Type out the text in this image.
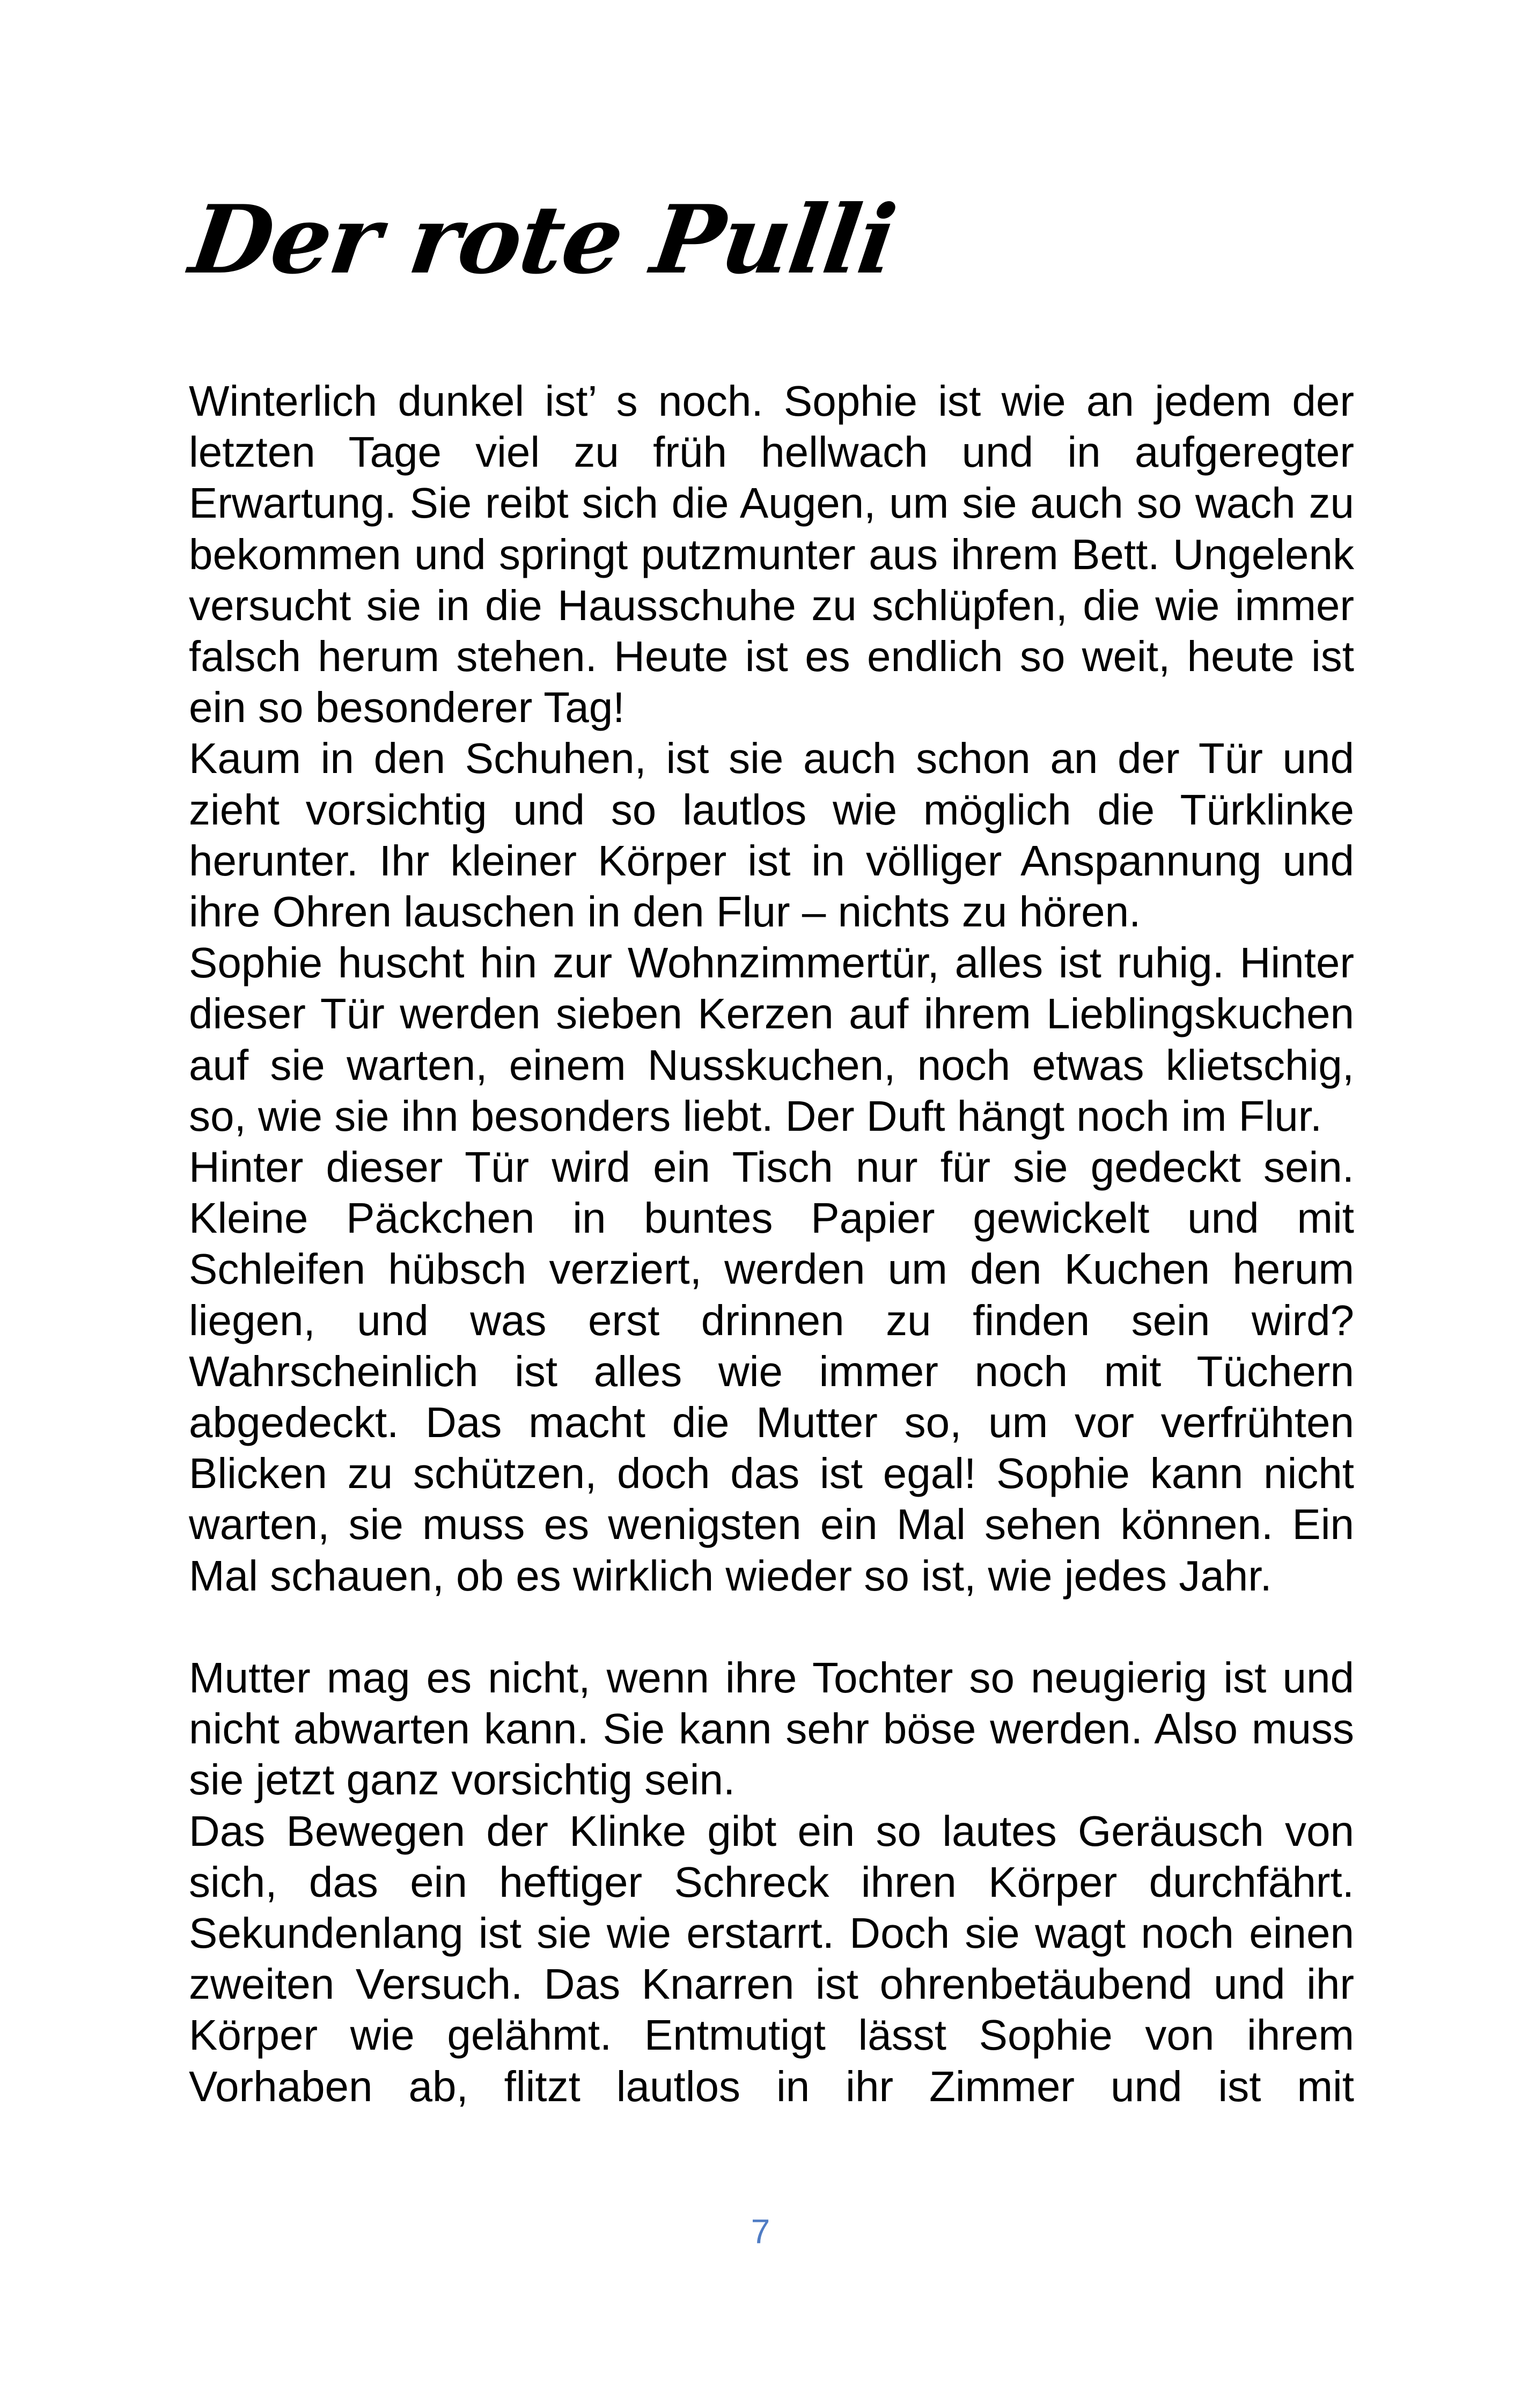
Der rote Pulli

Winterlich dunkel ist’ s noch. Sophie ist wie an jedem der letzten Tage viel zu früh hellwach und in aufgeregter Erwartung. Sie reibt sich die Augen, um sie auch so wach zu bekommen und springt putzmunter aus ihrem Bett. Ungelenk versucht sie in die Hausschuhe zu schlüpfen, die wie immer falsch herum stehen. Heute ist es endlich so weit, heute ist ein so besonderer Tag!

Kaum in den Schuhen, ist sie auch schon an der Tür und zieht vorsichtig und so lautlos wie möglich die Türklinke herunter. Ihr kleiner Körper ist in völliger Anspannung und ihre Ohren lauschen in den Flur – nichts zu hören.

Sophie huscht hin zur Wohnzimmertür, alles ist ruhig. Hinter dieser Tür werden sieben Kerzen auf ihrem Lieblingskuchen auf sie warten, einem Nusskuchen, noch etwas klietschig, so, wie sie ihn besonders liebt. Der Duft hängt noch im Flur.

Hinter dieser Tür wird ein Tisch nur für sie gedeckt sein. Kleine Päckchen in buntes Papier gewickelt und mit Schleifen hübsch verziert, werden um den Kuchen herum liegen, und was erst drinnen zu finden sein wird? Wahrscheinlich ist alles wie immer noch mit Tüchern abgedeckt. Das macht die Mutter so, um vor verfrühten Blicken zu schützen, doch das ist egal! Sophie kann nicht warten, sie muss es wenigsten ein Mal sehen können. Ein Mal schauen, ob es wirklich wieder so ist, wie jedes Jahr.

Mutter mag es nicht, wenn ihre Tochter so neugierig ist und nicht abwarten kann. Sie kann sehr böse werden. Also muss sie jetzt ganz vorsichtig sein.

Das Bewegen der Klinke gibt ein so lautes Geräusch von sich, das ein heftiger Schreck ihren Körper durchfährt. Sekundenlang ist sie wie erstarrt. Doch sie wagt noch einen zweiten Versuch. Das Knarren ist ohrenbetäubend und ihr Körper wie gelähmt. Entmutigt lässt Sophie von ihrem Vorhaben ab, flitzt lautlos in ihr Zimmer und ist mit

7
